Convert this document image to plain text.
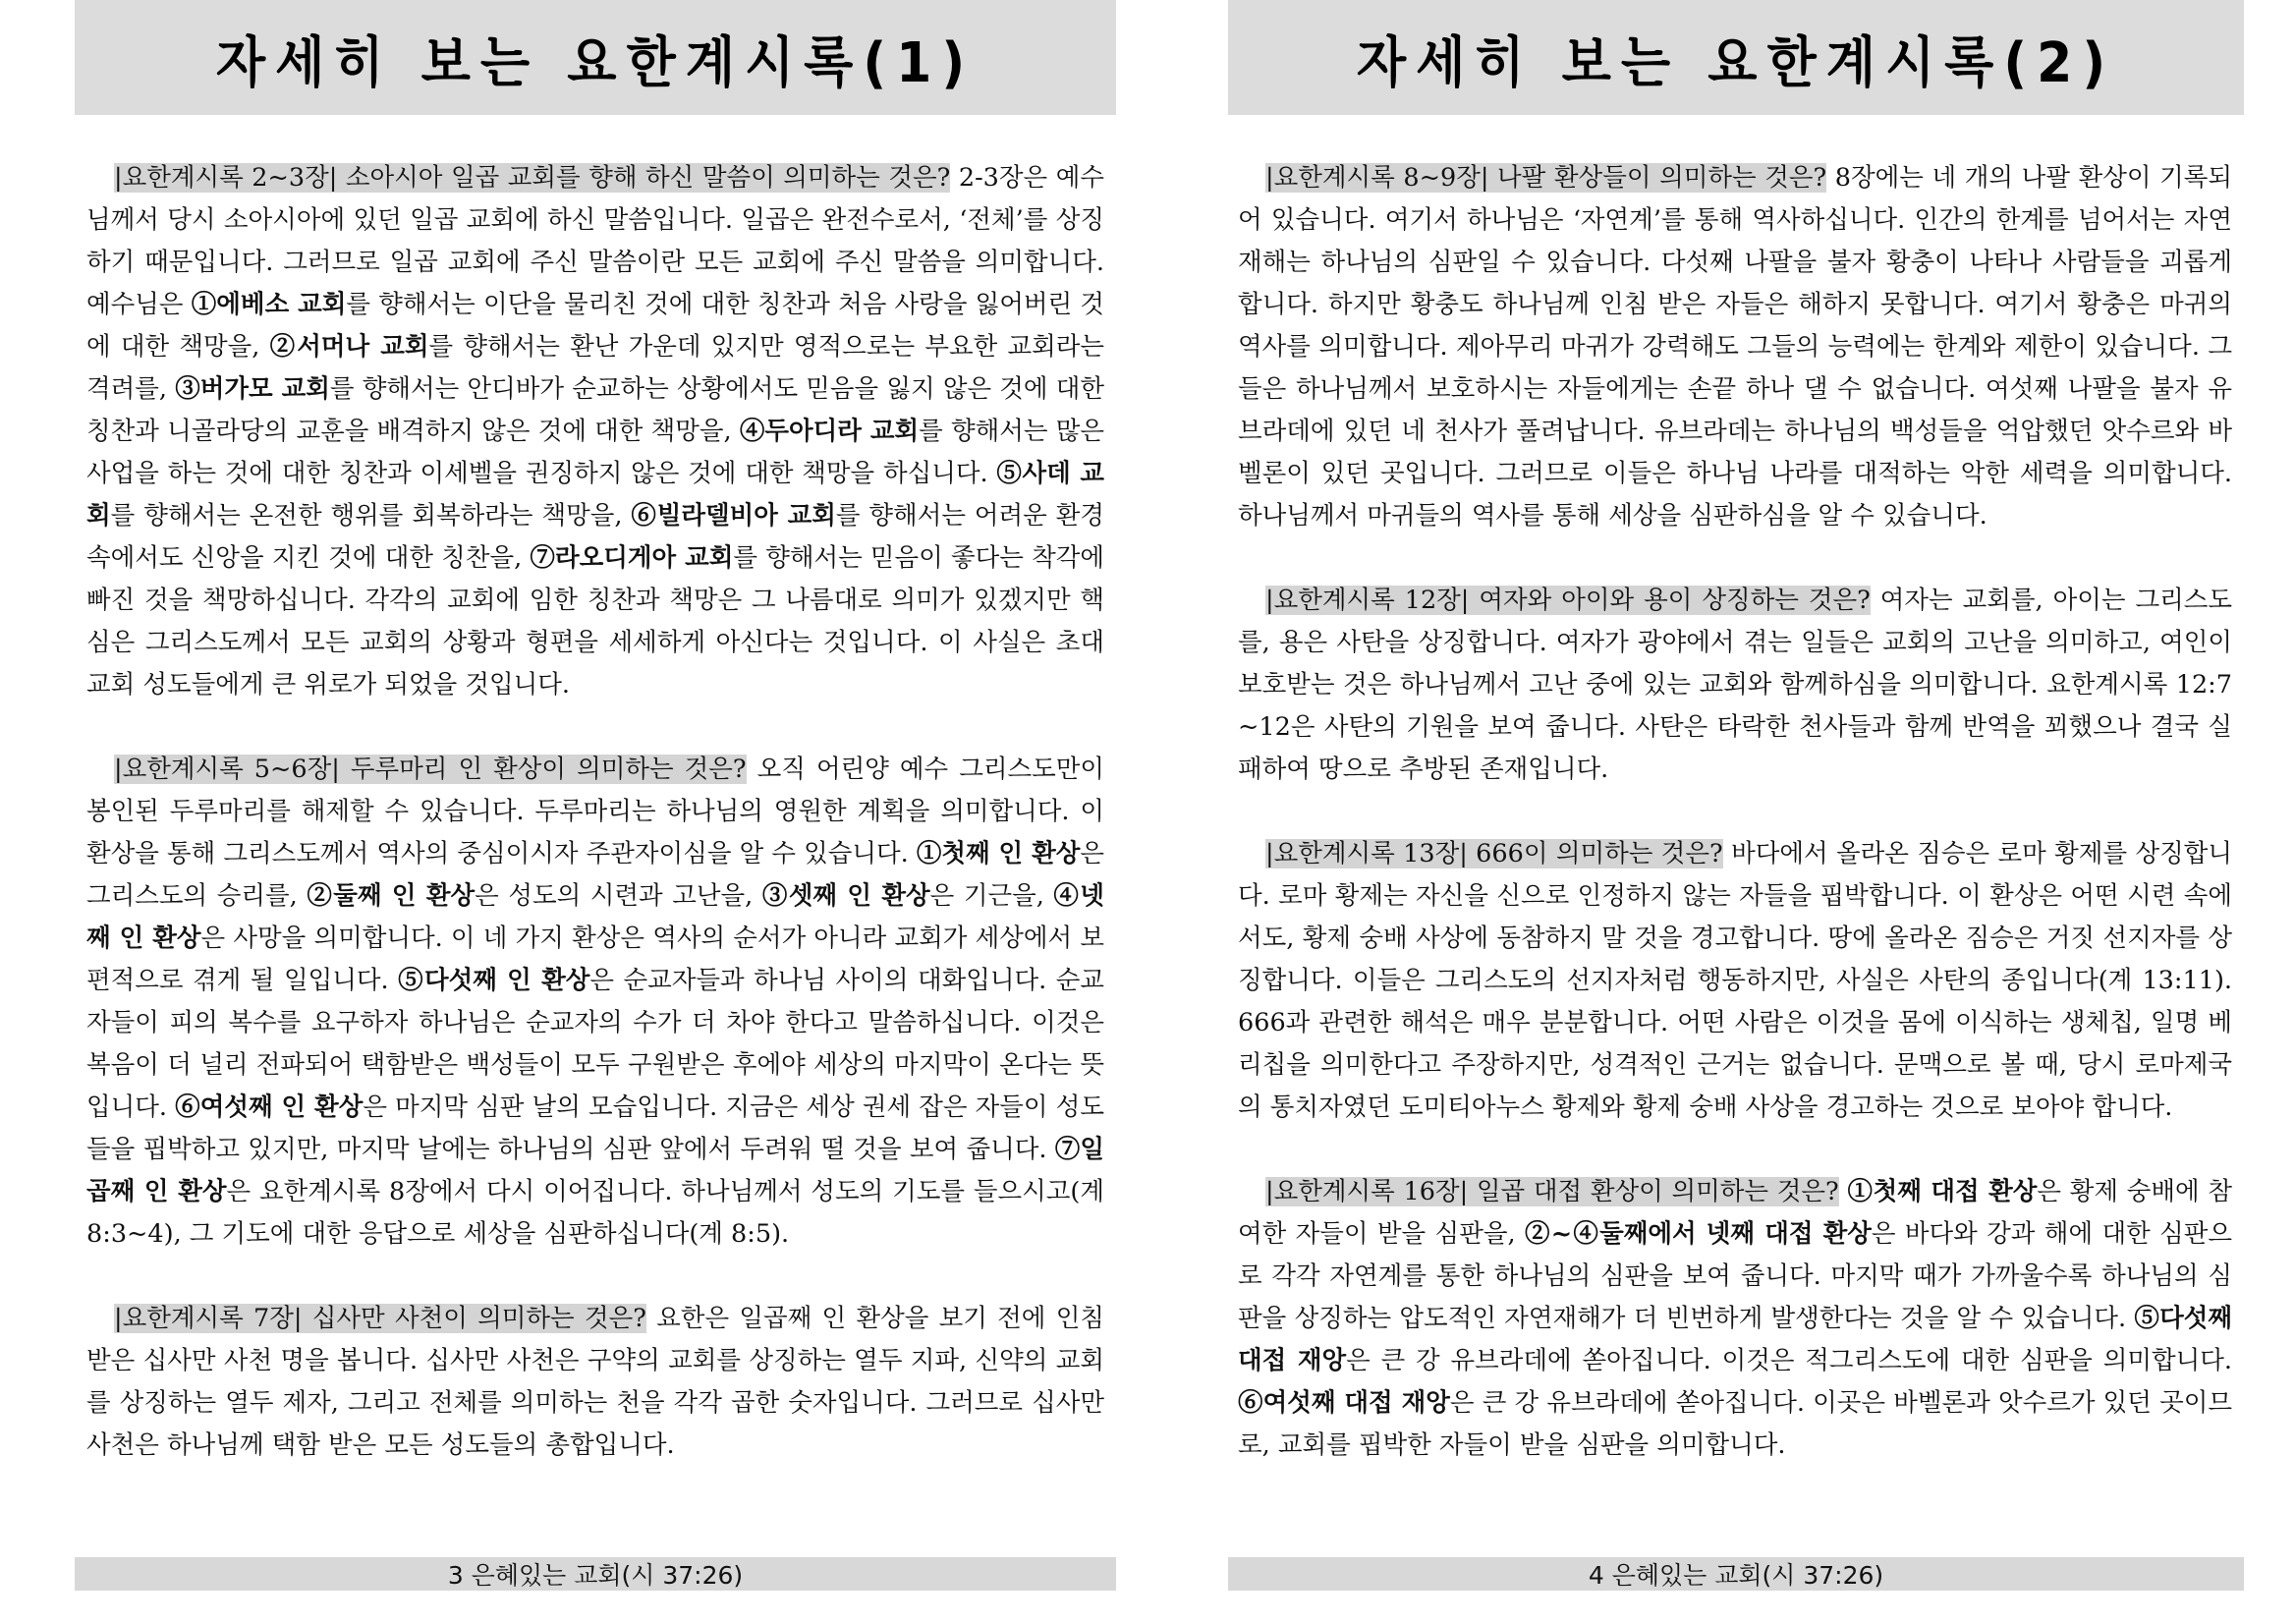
자세히 보는 요한계시록(1)

|요한계시록 2~3장| 소아시아 일곱 교회를 향해 하신 말씀이 의미하는 것은? 2-3장은 예수님께서 당시 소아시아에 있던 일곱 교회에 하신 말씀입니다. 일곱은 완전수로서, ‘전체’를 상징하기 때문입니다. 그러므로 일곱 교회에 주신 말씀이란 모든 교회에 주신 말씀을 의미합니다. 예수님은 ①에베소 교회를 향해서는 이단을 물리친 것에 대한 칭찬과 처음 사랑을 잃어버린 것에 대한 책망을, ②서머나 교회를 향해서는 환난 가운데 있지만 영적으로는 부요한 교회라는 격려를, ③버가모 교회를 향해서는 안디바가 순교하는 상황에서도 믿음을 잃지 않은 것에 대한 칭찬과 니골라당의 교훈을 배격하지 않은 것에 대한 책망을, ④두아디라 교회를 향해서는 많은 사업을 하는 것에 대한 칭찬과 이세벨을 권징하지 않은 것에 대한 책망을 하십니다. ⑤사데 교회를 향해서는 온전한 행위를 회복하라는 책망을, ⑥빌라델비아 교회를 향해서는 어려운 환경 속에서도 신앙을 지킨 것에 대한 칭찬을, ⑦라오디게아 교회를 향해서는 믿음이 좋다는 착각에 빠진 것을 책망하십니다. 각각의 교회에 임한 칭찬과 책망은 그 나름대로 의미가 있겠지만 핵심은 그리스도께서 모든 교회의 상황과 형편을 세세하게 아신다는 것입니다. 이 사실은 초대 교회 성도들에게 큰 위로가 되었을 것입니다.

|요한계시록 5~6장| 두루마리 인 환상이 의미하는 것은? 오직 어린양 예수 그리스도만이 봉인된 두루마리를 해제할 수 있습니다. 두루마리는 하나님의 영원한 계획을 의미합니다. 이 환상을 통해 그리스도께서 역사의 중심이시자 주관자이심을 알 수 있습니다. ①첫째 인 환상은 그리스도의 승리를, ②둘째 인 환상은 성도의 시련과 고난을, ③셋째 인 환상은 기근을, ④넷째 인 환상은 사망을 의미합니다. 이 네 가지 환상은 역사의 순서가 아니라 교회가 세상에서 보편적으로 겪게 될 일입니다. ⑤다섯째 인 환상은 순교자들과 하나님 사이의 대화입니다. 순교자들이 피의 복수를 요구하자 하나님은 순교자의 수가 더 차야 한다고 말씀하십니다. 이것은 복음이 더 널리 전파되어 택함받은 백성들이 모두 구원받은 후에야 세상의 마지막이 온다는 뜻입니다. ⑥여섯째 인 환상은 마지막 심판 날의 모습입니다. 지금은 세상 권세 잡은 자들이 성도들을 핍박하고 있지만, 마지막 날에는 하나님의 심판 앞에서 두려워 떨 것을 보여 줍니다. ⑦일곱째 인 환상은 요한계시록 8장에서 다시 이어집니다. 하나님께서 성도의 기도를 들으시고(계 8:3~4), 그 기도에 대한 응답으로 세상을 심판하십니다(계 8:5).

|요한계시록 7장| 십사만 사천이 의미하는 것은? 요한은 일곱째 인 환상을 보기 전에 인침 받은 십사만 사천 명을 봅니다. 십사만 사천은 구약의 교회를 상징하는 열두 지파, 신약의 교회를 상징하는 열두 제자, 그리고 전체를 의미하는 천을 각각 곱한 숫자입니다. 그러므로 십사만 사천은 하나님께 택함 받은 모든 성도들의 총합입니다.

3 은혜있는 교회(시 37:26)
자세히 보는 요한계시록(2)

|요한계시록 8~9장| 나팔 환상들이 의미하는 것은? 8장에는 네 개의 나팔 환상이 기록되어 있습니다. 여기서 하나님은 ‘자연계’를 통해 역사하십니다. 인간의 한계를 넘어서는 자연재해는 하나님의 심판일 수 있습니다. 다섯째 나팔을 불자 황충이 나타나 사람들을 괴롭게 합니다. 하지만 황충도 하나님께 인침 받은 자들은 해하지 못합니다. 여기서 황충은 마귀의 역사를 의미합니다. 제아무리 마귀가 강력해도 그들의 능력에는 한계와 제한이 있습니다. 그들은 하나님께서 보호하시는 자들에게는 손끝 하나 댈 수 없습니다. 여섯째 나팔을 불자 유브라데에 있던 네 천사가 풀려납니다. 유브라데는 하나님의 백성들을 억압했던 앗수르와 바벨론이 있던 곳입니다. 그러므로 이들은 하나님 나라를 대적하는 악한 세력을 의미합니다. 하나님께서 마귀들의 역사를 통해 세상을 심판하심을 알 수 있습니다.

|요한계시록 12장| 여자와 아이와 용이 상징하는 것은? 여자는 교회를, 아이는 그리스도를, 용은 사탄을 상징합니다. 여자가 광야에서 겪는 일들은 교회의 고난을 의미하고, 여인이 보호받는 것은 하나님께서 고난 중에 있는 교회와 함께하심을 의미합니다. 요한계시록 12:7~12은 사탄의 기원을 보여 줍니다. 사탄은 타락한 천사들과 함께 반역을 꾀했으나 결국 실패하여 땅으로 추방된 존재입니다.

|요한계시록 13장| 666이 의미하는 것은? 바다에서 올라온 짐승은 로마 황제를 상징합니다. 로마 황제는 자신을 신으로 인정하지 않는 자들을 핍박합니다. 이 환상은 어떤 시련 속에서도, 황제 숭배 사상에 동참하지 말 것을 경고합니다. 땅에 올라온 짐승은 거짓 선지자를 상징합니다. 이들은 그리스도의 선지자처럼 행동하지만, 사실은 사탄의 종입니다(계 13:11). 666과 관련한 해석은 매우 분분합니다. 어떤 사람은 이것을 몸에 이식하는 생체칩, 일명 베리칩을 의미한다고 주장하지만, 성격적인 근거는 없습니다. 문맥으로 볼 때, 당시 로마제국의 통치자였던 도미티아누스 황제와 황제 숭배 사상을 경고하는 것으로 보아야 합니다.

|요한계시록 16장| 일곱 대접 환상이 의미하는 것은? ①첫째 대접 환상은 황제 숭배에 참여한 자들이 받을 심판을, ②~④둘째에서 넷째 대접 환상은 바다와 강과 해에 대한 심판으로 각각 자연계를 통한 하나님의 심판을 보여 줍니다. 마지막 때가 가까울수록 하나님의 심판을 상징하는 압도적인 자연재해가 더 빈번하게 발생한다는 것을 알 수 있습니다. ⑤다섯째 대접 재앙은 큰 강 유브라데에 쏟아집니다. 이것은 적그리스도에 대한 심판을 의미합니다. ⑥여섯째 대접 재앙은 큰 강 유브라데에 쏟아집니다. 이곳은 바벨론과 앗수르가 있던 곳이므로, 교회를 핍박한 자들이 받을 심판을 의미합니다.

4 은혜있는 교회(시 37:26)
